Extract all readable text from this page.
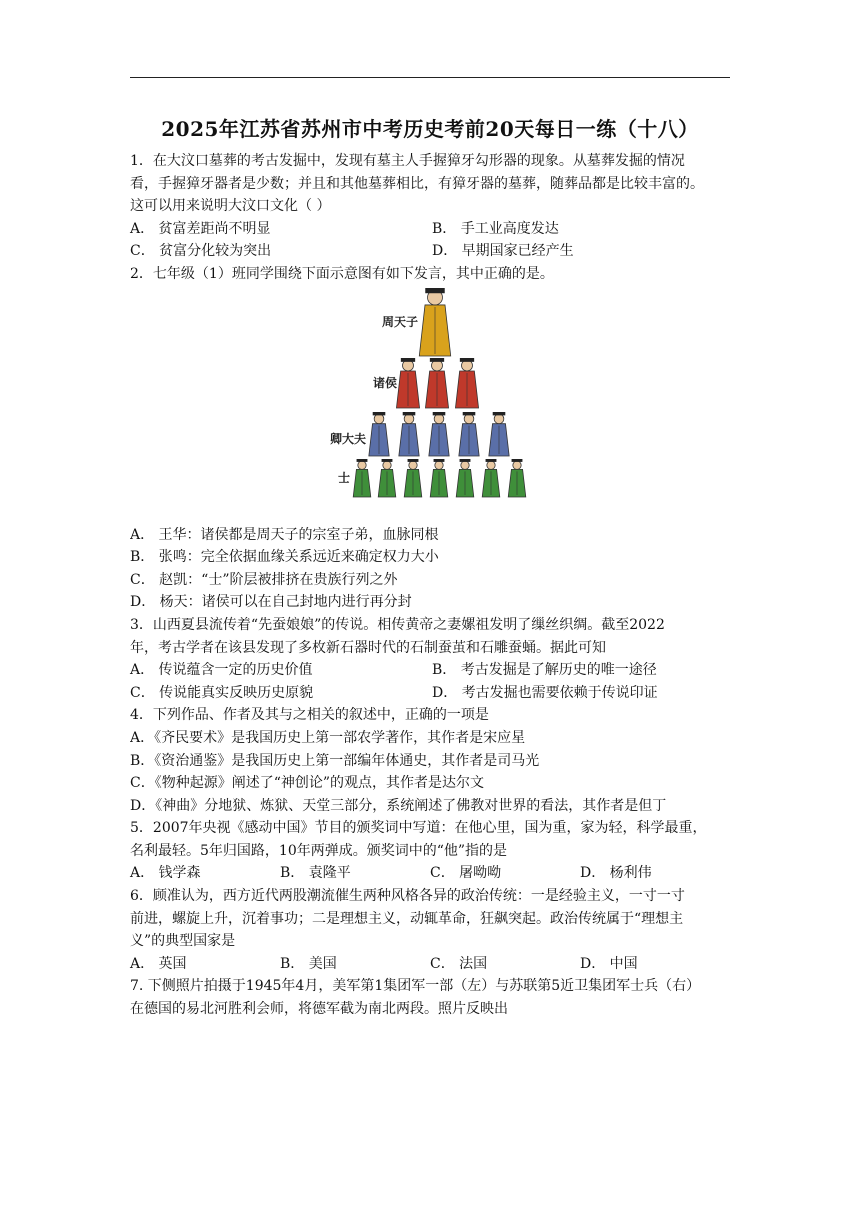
2025年江苏省苏州市中考历史考前20天每日一练（十八）
1．在大汶口墓葬的考古发掘中，发现有墓主人手握獐牙勾形器的现象。从墓葬发掘的情况
看，手握獐牙器者是少数；并且和其他墓葬相比，有獐牙器的墓葬，随葬品都是比较丰富的。
这可以用来说明大汶口文化（ ）
A． 贫富差距尚不明显	B． 手工业高度发达
C． 贫富分化较为突出	D． 早期国家已经产生
2．七年级（1）班同学围绕下面示意图有如下发言，其中正确的是。
周天子
诸侯
卿大夫
士
A． 王华：诸侯都是周天子的宗室子弟，血脉同根
B． 张鸣：完全依据血缘关系远近来确定权力大小
C． 赵凯：“士”阶层被排挤在贵族行列之外
D． 杨天：诸侯可以在自己封地内进行再分封
3．山西夏县流传着“先蚕娘娘”的传说。相传黄帝之妻嫘祖发明了缫丝织绸。截至2022
年，考古学者在该县发现了多枚新石器时代的石制蚕茧和石雕蚕蛹。据此可知
A． 传说蕴含一定的历史价值	B． 考古发掘是了解历史的唯一途径
C． 传说能真实反映历史原貌	D． 考古发掘也需要依赖于传说印证
4．下列作品、作者及其与之相关的叙述中，正确的一项是
A．《齐民要术》是我国历史上第一部农学著作，其作者是宋应星
B．《资治通鉴》是我国历史上第一部编年体通史，其作者是司马光
C．《物种起源》阐述了“神创论”的观点，其作者是达尔文
D．《神曲》分地狱、炼狱、天堂三部分，系统阐述了佛教对世界的看法，其作者是但丁
5．2007年央视《感动中国》节目的颁奖词中写道：在他心里，国为重，家为轻，科学最重，
名利最轻。5年归国路，10年两弹成。颁奖词中的“他”指的是
A． 钱学森	B． 袁隆平	C． 屠呦呦	D． 杨利伟
6．顾准认为，西方近代两股潮流催生两种风格各异的政治传统：一是经验主义，一寸一寸
前进，螺旋上升，沉着事功；二是理想主义，动辄革命，狂飙突起。政治传统属于“理想主
义”的典型国家是
A． 英国	B． 美国	C． 法国	D． 中国
7. 下侧照片拍摄于1945年4月，美军第1集团军一部（左）与苏联第5近卫集团军士兵（右）
在德国的易北河胜利会师，将德军截为南北两段。照片反映出
